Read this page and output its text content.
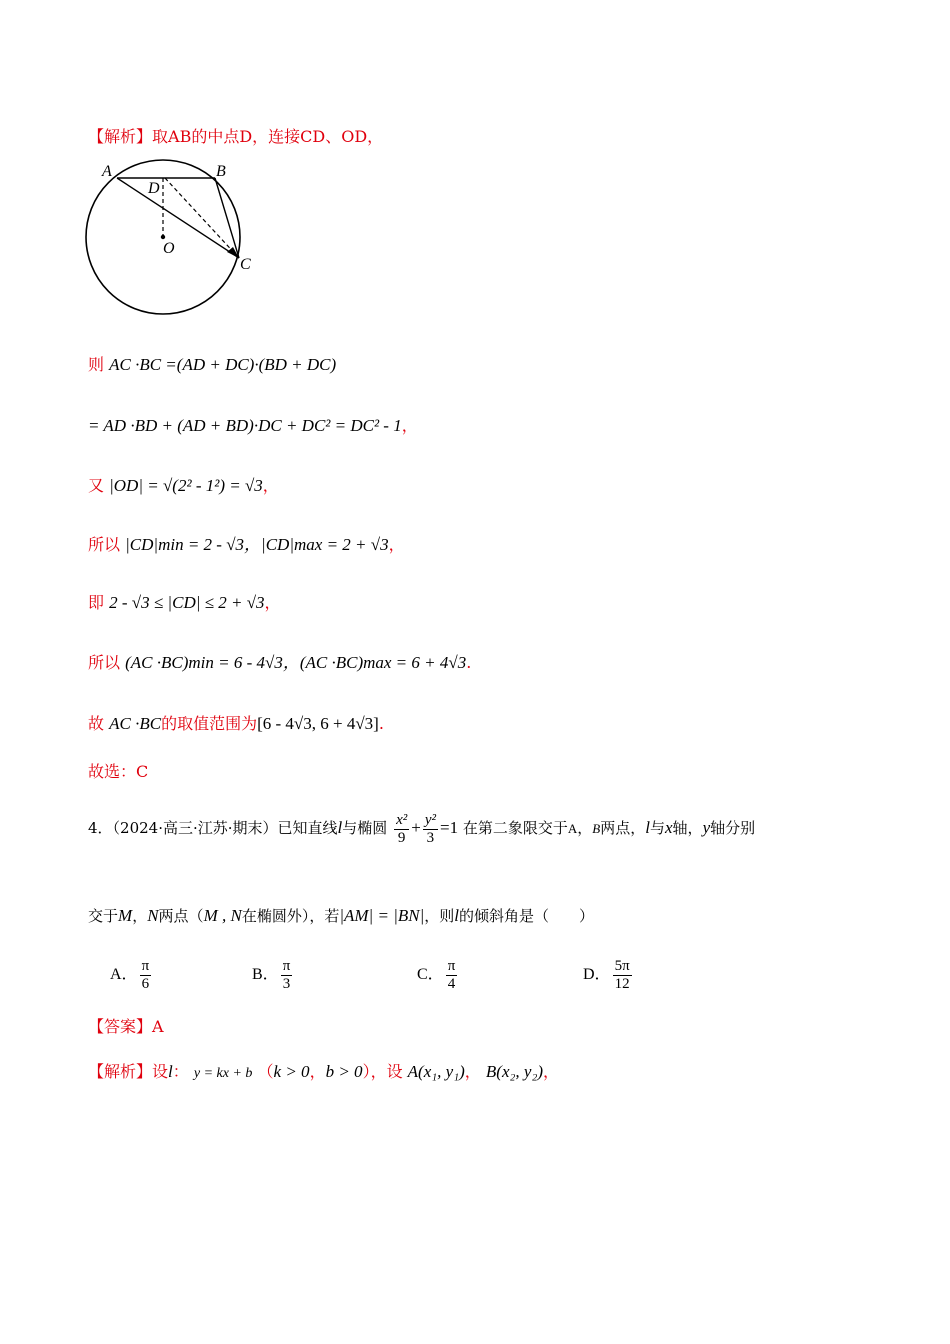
【解析】取AB的中点D，连接CD、OD，
A	B
D
O
C
则 AC ·BC =(AD + DC)·(BD + DC)
= AD ·BD + (AD + BD)·DC + DC² = DC² - 1，
又 |OD| = √(2² - 1²) = √3，
所以 |CD|min = 2 - √3，|CD|max = 2 + √3，
即 2 - √3 ≤ |CD| ≤ 2 + √3，
所以 (AC ·BC)min = 6 - 4√3，(AC ·BC)max = 6 + 4√3.
故 AC ·BC的取值范围为[6 - 4√3, 6 + 4√3].
故选：C
4．（2024·高三·江苏·期末）已知直线l与椭圆 $\frac{\text{x²}}{9} + \frac{\text{y²}}{3} =1$ 在第二象限交于A，B两点，l与x轴，y轴分别
交于M，N两点（M , N在椭圆外），若|AM| = |BN|，则l的倾斜角是（　　）
A． $\frac{\pi}{6}$	B． $\frac{\pi}{3}$	C． $\frac{\pi}{4}$	D． $\frac{5\pi}{12}$
【答案】A
【解析】设l： y = kx + b （k > 0，b > 0），设 A(x₁, y₁)， B(x₂, y₂)，
